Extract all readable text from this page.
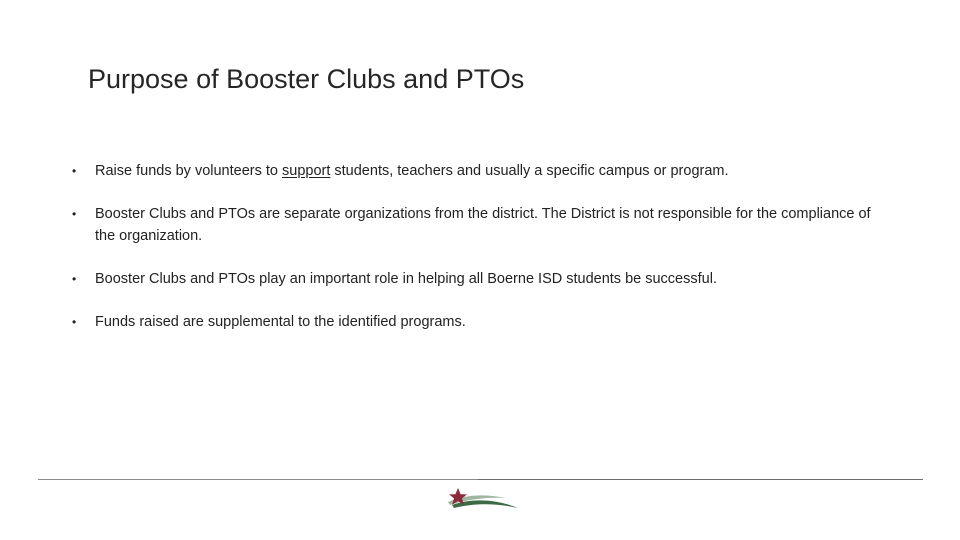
Purpose of Booster Clubs and PTOs
• Raise funds by volunteers to support students, teachers and usually a specific campus or program.
• Booster Clubs and PTOs are separate organizations from the district. The District is not responsible for the compliance of the organization.
• Booster Clubs and PTOs play an important role in helping all Boerne ISD students be successful.
• Funds raised are supplemental to the identified programs.
